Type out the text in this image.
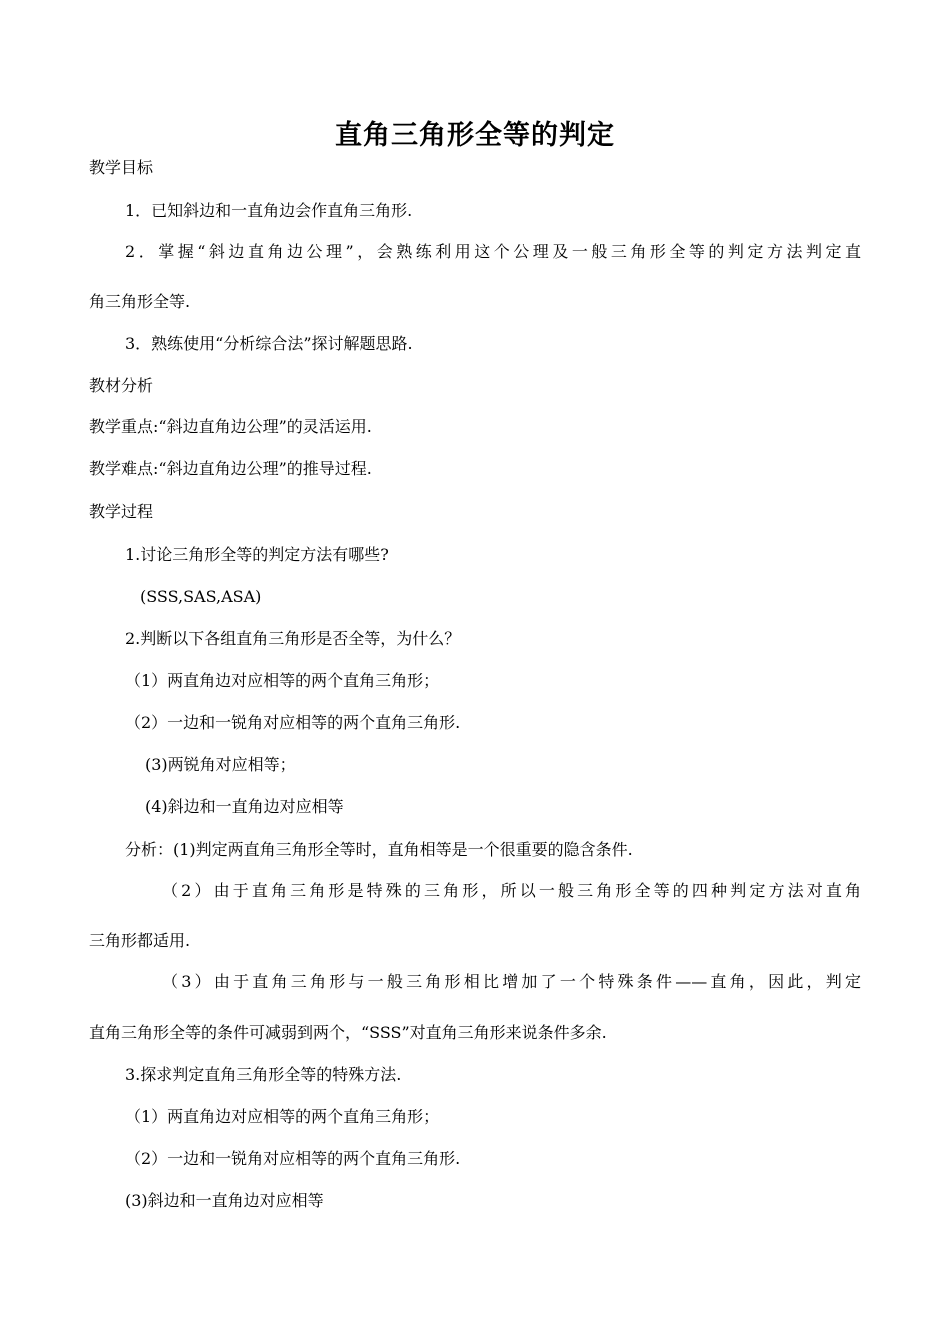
直角三角形全等的判定
教学目标
1．已知斜边和一直角边会作直角三角形.
2．掌握“斜边直角边公理”，会熟练利用这个公理及一般三角形全等的判定方法判定直
角三角形全等.
3．熟练使用“分析综合法”探讨解题思路.
教材分析
教学重点:“斜边直角边公理”的灵活运用.
教学难点:“斜边直角边公理”的推导过程.
教学过程
1.讨论三角形全等的判定方法有哪些?
(SSS,SAS,ASA)
2.判断以下各组直角三角形是否全等，为什么？
（1）两直角边对应相等的两个直角三角形；
（2）一边和一锐角对应相等的两个直角三角形.
(3)两锐角对应相等；
(4)斜边和一直角边对应相等
分析：(1)判定两直角三角形全等时，直角相等是一个很重要的隐含条件.
（2）由于直角三角形是特殊的三角形，所以一般三角形全等的四种判定方法对直角
三角形都适用.
（3）由于直角三角形与一般三角形相比增加了一个特殊条件——直角，因此，判定
直角三角形全等的条件可减弱到两个，“SSS”对直角三角形来说条件多余.
3.探求判定直角三角形全等的特殊方法.
（1）两直角边对应相等的两个直角三角形；
（2）一边和一锐角对应相等的两个直角三角形.
(3)斜边和一直角边对应相等
